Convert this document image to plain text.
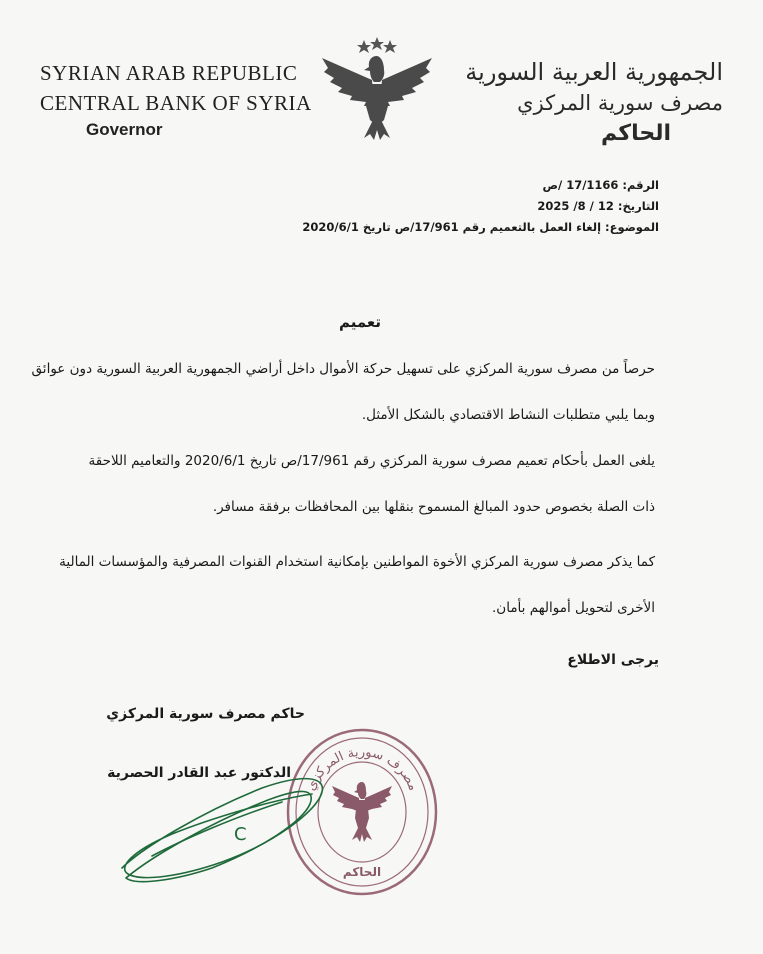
SYRIAN ARAB REPUBLIC
CENTRAL BANK OF SYRIA
Governor
الجمهورية العربية السورية
مصرف سورية المركزي
الحاكم
الرقم: 17/1166 /ص
التاريخ: 12 / 8/ 2025
الموضوع: إلغاء العمل بالتعميم رقم 17/961/ص تاريخ 2020/6/1
تعميم
حرصاً من مصرف سورية المركزي على تسهيل حركة الأموال داخل أراضي الجمهورية العربية السورية دون عوائق
وبما يلبي متطلبات النشاط الاقتصادي بالشكل الأمثل.
يلغى العمل بأحكام تعميم مصرف سورية المركزي رقم 17/961/ص تاريخ 2020/6/1 والتعاميم اللاحقة
ذات الصلة بخصوص حدود المبالغ المسموح بنقلها بين المحافظات برفقة مسافر.
كما يذكر مصرف سورية المركزي الأخوة المواطنين بإمكانية استخدام القنوات المصرفية والمؤسسات المالية
الأخرى لتحويل أموالهم بأمان.
يرجى الاطلاع
حاكم مصرف سورية المركزي
مصرف سورية المركزي
الحاكم
الدكتور عبد القادر الحصرية
C
